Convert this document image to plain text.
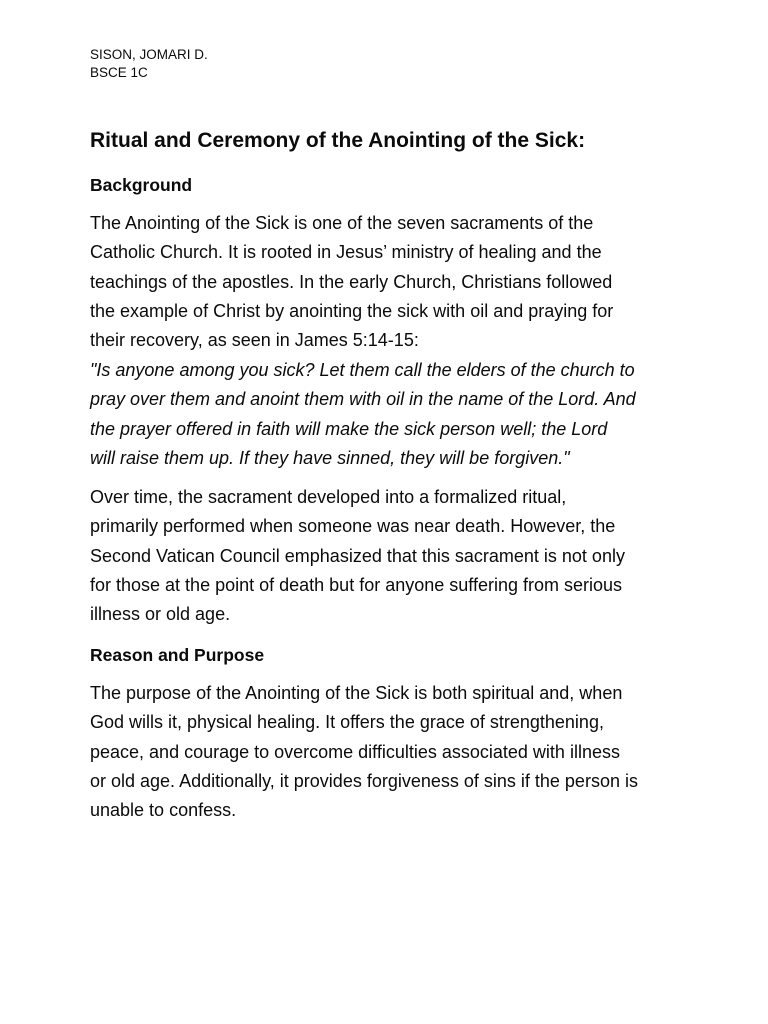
SISON, JOMARI D.

BSCE 1C

Ritual and Ceremony of the Anointing of the Sick:
Background
The Anointing of the Sick is one of the seven sacraments of the
Catholic Church. It is rooted in Jesus’ ministry of healing and the
teachings of the apostles. In the early Church, Christians followed
the example of Christ by anointing the sick with oil and praying for
their recovery, as seen in James 5:14-15:
"Is anyone among you sick? Let them call the elders of the church to
pray over them and anoint them with oil in the name of the Lord. And
the prayer offered in faith will make the sick person well; the Lord
will raise them up. If they have sinned, they will be forgiven."
Over time, the sacrament developed into a formalized ritual,
primarily performed when someone was near death. However, the
Second Vatican Council emphasized that this sacrament is not only
for those at the point of death but for anyone suffering from serious
illness or old age.
Reason and Purpose
The purpose of the Anointing of the Sick is both spiritual and, when
God wills it, physical healing. It offers the grace of strengthening,
peace, and courage to overcome difficulties associated with illness
or old age. Additionally, it provides forgiveness of sins if the person is
unable to confess.
